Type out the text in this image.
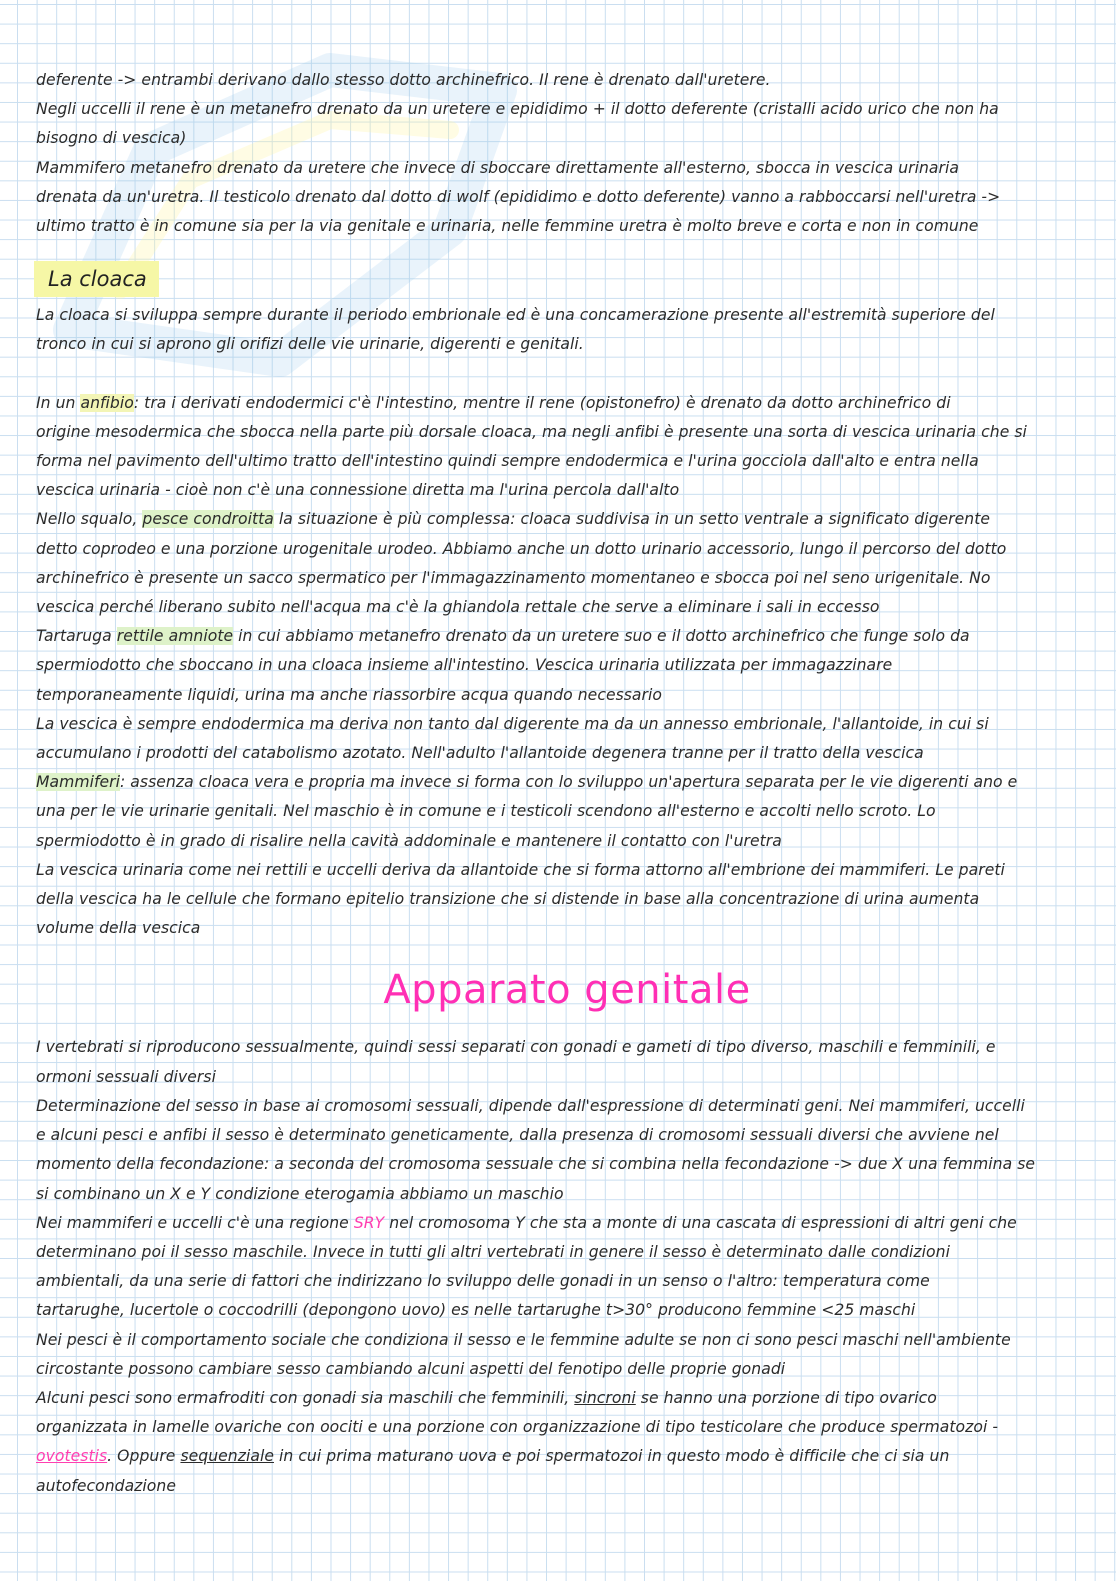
deferente -> entrambi derivano dallo stesso dotto archinefrico. Il rene è drenato dall'uretere.

Negli uccelli il rene è un metanefro drenato da un uretere e epididimo + il dotto deferente (cristalli acido urico che non ha

bisogno di vescica)

Mammifero metanefro drenato da uretere che invece di sboccare direttamente all'esterno, sbocca in vescica urinaria

drenata da un'uretra. Il testicolo drenato dal dotto di wolf (epididimo e dotto deferente) vanno a rabboccarsi nell'uretra ->

ultimo tratto è in comune sia per la via genitale e urinaria, nelle femmine uretra è molto breve e corta e non in comune

La cloaca

La cloaca si sviluppa sempre durante il periodo embrionale ed è una concamerazione presente all'estremità superiore del

tronco in cui si aprono gli orifizi delle vie urinarie, digerenti e genitali.

In un anfibio: tra i derivati endodermici c'è l'intestino, mentre il rene (opistonefro) è drenato da dotto archinefrico di

origine mesodermica che sbocca nella parte più dorsale cloaca, ma negli anfibi è presente una sorta di vescica urinaria che si

forma nel pavimento dell'ultimo tratto dell'intestino quindi sempre endodermica e l'urina gocciola dall'alto e entra nella

vescica urinaria - cioè non c'è una connessione diretta ma l'urina percola dall'alto

Nello squalo, pesce condroitta la situazione è più complessa: cloaca suddivisa in un setto ventrale a significato digerente

detto coprodeo e una porzione urogenitale urodeo. Abbiamo anche un dotto urinario accessorio, lungo il percorso del dotto

archinefrico è presente un sacco spermatico per l'immagazzinamento momentaneo e sbocca poi nel seno urigenitale. No

vescica perché liberano subito nell'acqua ma c'è la ghiandola rettale che serve a eliminare i sali in eccesso

Tartaruga rettile amniote in cui abbiamo metanefro drenato da un uretere suo e il dotto archinefrico che funge solo da

spermiodotto che sboccano in una cloaca insieme all'intestino. Vescica urinaria utilizzata per immagazzinare

temporaneamente liquidi, urina ma anche riassorbire acqua quando necessario

La vescica è sempre endodermica ma deriva non tanto dal digerente ma da un annesso embrionale, l'allantoide, in cui si

accumulano i prodotti del catabolismo azotato. Nell'adulto l'allantoide degenera tranne per il tratto della vescica

Mammiferi: assenza cloaca vera e propria ma invece si forma con lo sviluppo un'apertura separata per le vie digerenti ano e

una per le vie urinarie genitali. Nel maschio è in comune e i testicoli scendono all'esterno e accolti nello scroto. Lo

spermiodotto è in grado di risalire nella cavità addominale e mantenere il contatto con l'uretra

La vescica urinaria come nei rettili e uccelli deriva da allantoide che si forma attorno all'embrione dei mammiferi. Le pareti

della vescica ha le cellule che formano epitelio transizione che si distende in base alla concentrazione di urina aumenta

volume della vescica

Apparato genitale

I vertebrati si riproducono sessualmente, quindi sessi separati con gonadi e gameti di tipo diverso, maschili e femminili, e

ormoni sessuali diversi

Determinazione del sesso in base ai cromosomi sessuali, dipende dall'espressione di determinati geni. Nei mammiferi, uccelli

e alcuni pesci e anfibi il sesso è determinato geneticamente, dalla presenza di cromosomi sessuali diversi che avviene nel

momento della fecondazione: a seconda del cromosoma sessuale che si combina nella fecondazione -> due X una femmina se

si combinano un X e Y condizione eterogamia abbiamo un maschio

Nei mammiferi e uccelli c'è una regione SRY nel cromosoma Y che sta a monte di una cascata di espressioni di altri geni che

determinano poi il sesso maschile. Invece in tutti gli altri vertebrati in genere il sesso è determinato dalle condizioni

ambientali, da una serie di fattori che indirizzano lo sviluppo delle gonadi in un senso o l'altro: temperatura come

tartarughe, lucertole o coccodrilli (depongono uovo) es nelle tartarughe t>30° producono femmine <25 maschi

Nei pesci è il comportamento sociale che condiziona il sesso e le femmine adulte se non ci sono pesci maschi nell'ambiente

circostante possono cambiare sesso cambiando alcuni aspetti del fenotipo delle proprie gonadi

Alcuni pesci sono ermafroditi con gonadi sia maschili che femminili, sincroni se hanno una porzione di tipo ovarico

organizzata in lamelle ovariche con oociti e una porzione con organizzazione di tipo testicolare che produce spermatozoi -

ovotestis. Oppure sequenziale in cui prima maturano uova e poi spermatozoi in questo modo è difficile che ci sia un

autofecondazione
